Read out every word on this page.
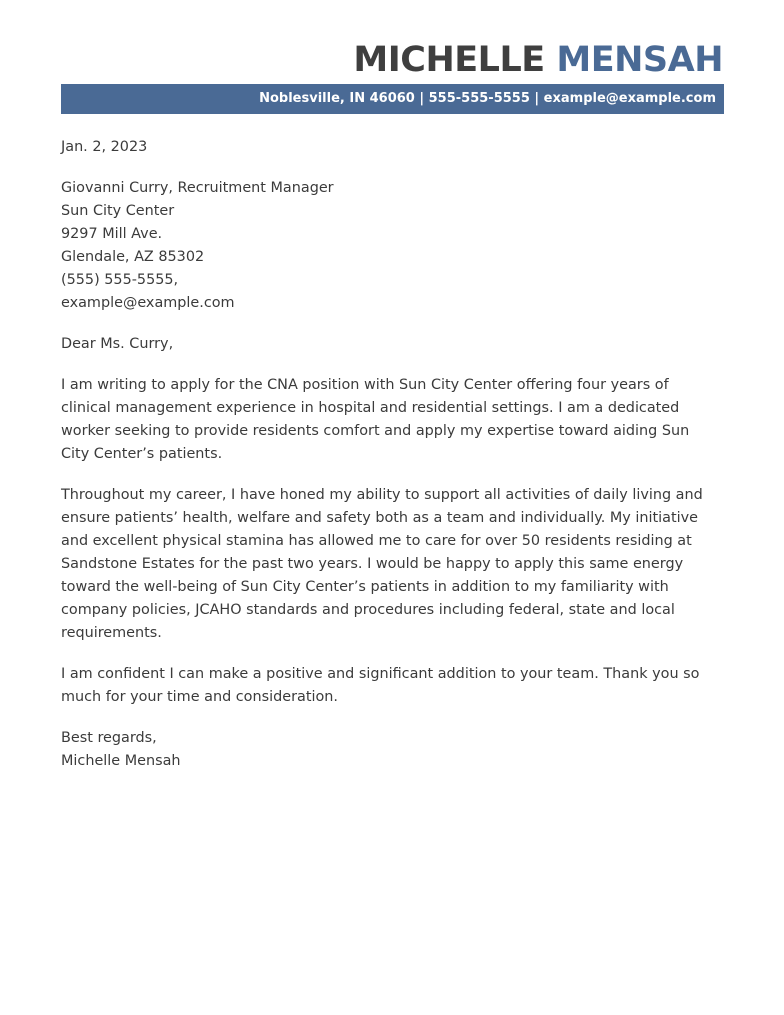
MICHELLE MENSAH
Noblesville, IN 46060 | 555-555-5555 | example@example.com

Jan. 2, 2023

Giovanni Curry, Recruitment Manager
Sun City Center
9297 Mill Ave.
Glendale, AZ 85302
(555) 555-5555,
example@example.com

Dear Ms. Curry,

I am writing to apply for the CNA position with Sun City Center offering four years of
clinical management experience in hospital and residential settings. I am a dedicated
worker seeking to provide residents comfort and apply my expertise toward aiding Sun
City Center’s patients.

Throughout my career, I have honed my ability to support all activities of daily living and
ensure patients’ health, welfare and safety both as a team and individually. My initiative
and excellent physical stamina has allowed me to care for over 50 residents residing at
Sandstone Estates for the past two years. I would be happy to apply this same energy
toward the well-being of Sun City Center’s patients in addition to my familiarity with
company policies, JCAHO standards and procedures including federal, state and local
requirements.

I am confident I can make a positive and significant addition to your team. Thank you so
much for your time and consideration.

Best regards,
Michelle Mensah
